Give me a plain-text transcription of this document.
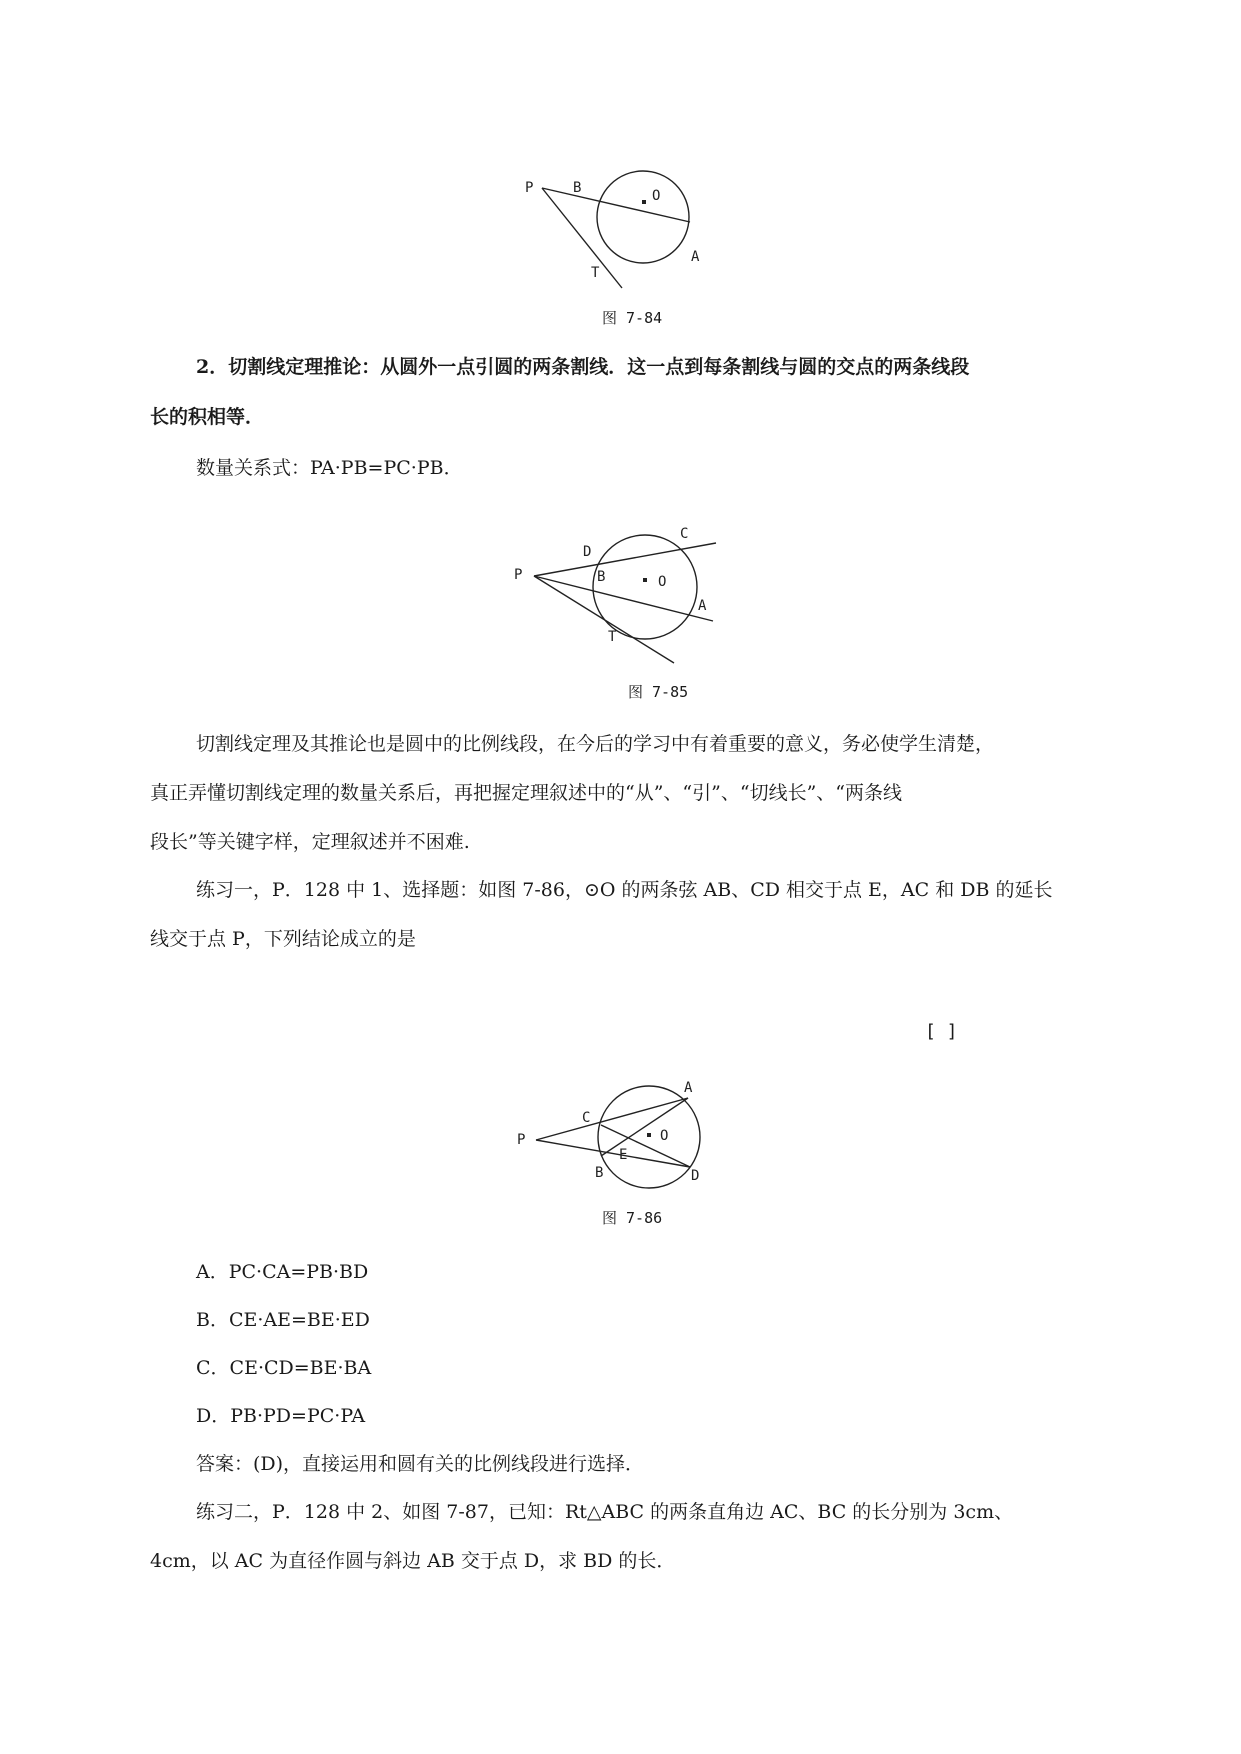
P	B	O
T
A
图 7-84
2．切割线定理推论：从圆外一点引圆的两条割线．这一点到每条割线与圆的交点的两条线段
长的积相等．
数量关系式：PA·PB=PC·PB．
P
D
C
B	O
A
T
图 7-85
切割线定理及其推论也是圆中的比例线段，在今后的学习中有着重要的意义，务必使学生清楚，
真正弄懂切割线定理的数量关系后，再把握定理叙述中的“从”、“引”、“切线长”、“两条线
段长”等关键字样，定理叙述并不困难.
练习一，P．128 中 1、选择题：如图 7-86，⊙O 的两条弦 AB、CD 相交于点 E，AC 和 DB 的延长
线交于点 P，下列结论成立的是
[ ]
P
C
A
O
E
B	D
图 7-86
A．PC·CA=PB·BD
B．CE·AE=BE·ED
C．CE·CD=BE·BA
D．PB·PD=PC·PA
答案：(D)，直接运用和圆有关的比例线段进行选择．
练习二，P．128 中 2、如图 7-87，已知：Rt△ABC 的两条直角边 AC、BC 的长分别为 3cm、
4cm，以 AC 为直径作圆与斜边 AB 交于点 D，求 BD 的长．
